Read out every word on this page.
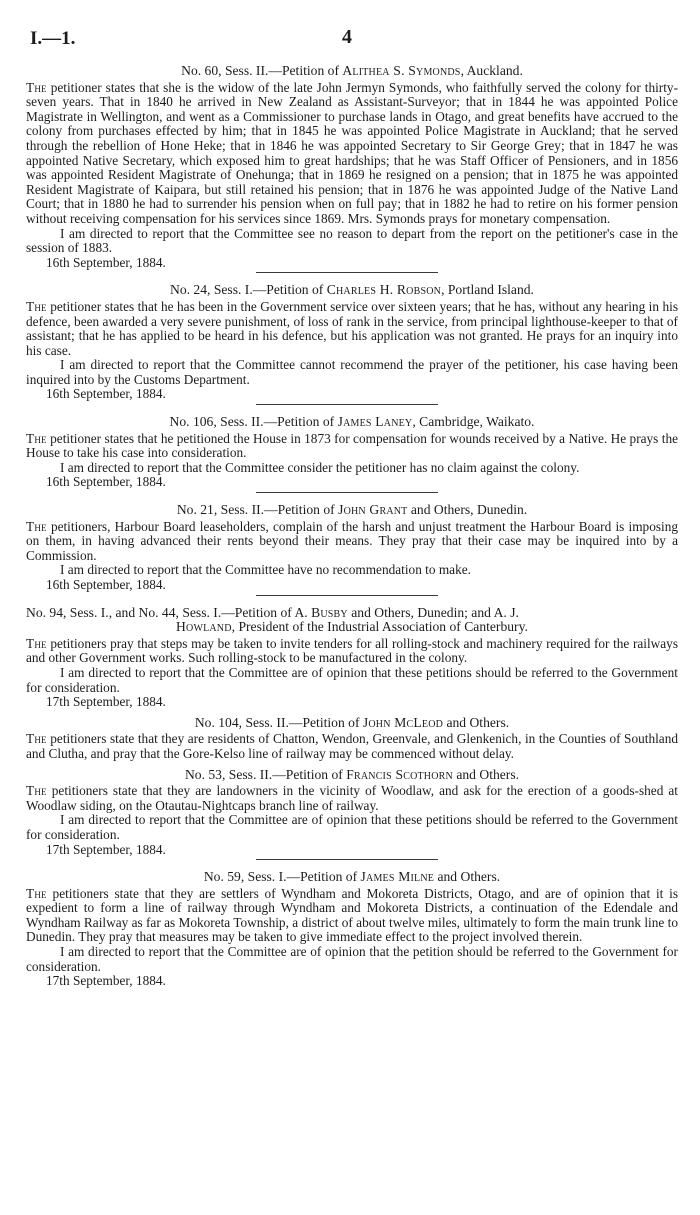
I.—1.	4
No. 60, Sess. II.—Petition of Alithea S. Symonds, Auckland.

The petitioner states that she is the widow of the late John Jermyn Symonds, who faithfully served the colony for thirty-seven years. That in 1840 he arrived in New Zealand as Assistant-Surveyor; that in 1844 he was appointed Police Magistrate in Wellington, and went as a Commissioner to purchase lands in Otago, and great benefits have accrued to the colony from purchases effected by him; that in 1845 he was appointed Police Magistrate in Auckland; that he served through the rebellion of Hone Heke; that in 1846 he was appointed Secretary to Sir George Grey; that in 1847 he was appointed Native Secretary, which exposed him to great hardships; that he was Staff Officer of Pensioners, and in 1856 was appointed Resident Magistrate of Onehunga; that in 1869 he resigned on a pension; that in 1875 he was appointed Resident Magistrate of Kaipara, but still retained his pension; that in 1876 he was appointed Judge of the Native Land Court; that in 1880 he had to surrender his pension when on full pay; that in 1882 he had to retire on his former pension without receiving compensation for his services since 1869. Mrs. Symonds prays for monetary compensation.

I am directed to report that the Committee see no reason to depart from the report on the petitioner's case in the session of 1883.

16th September, 1884.

No. 24, Sess. I.—Petition of Charles H. Robson, Portland Island.

The petitioner states that he has been in the Government service over sixteen years; that he has, without any hearing in his defence, been awarded a very severe punishment, of loss of rank in the service, from principal lighthouse-keeper to that of assistant; that he has applied to be heard in his defence, but his application was not granted. He prays for an inquiry into his case.

I am directed to report that the Committee cannot recommend the prayer of the petitioner, his case having been inquired into by the Customs Department.

16th September, 1884.

No. 106, Sess. II.—Petition of James Laney, Cambridge, Waikato.

The petitioner states that he petitioned the House in 1873 for compensation for wounds received by a Native. He prays the House to take his case into consideration.

I am directed to report that the Committee consider the petitioner has no claim against the colony.

16th September, 1884.

No. 21, Sess. II.—Petition of John Grant and Others, Dunedin.

The petitioners, Harbour Board leaseholders, complain of the harsh and unjust treatment the Harbour Board is imposing on them, in having advanced their rents beyond their means. They pray that their case may be inquired into by a Commission.

I am directed to report that the Committee have no recommendation to make.

16th September, 1884.

No. 94, Sess. I., and No. 44, Sess. I.—Petition of A. Busby and Others, Dunedin; and A. J.
Howland, President of the Industrial Association of Canterbury.

The petitioners pray that steps may be taken to invite tenders for all rolling-stock and machinery required for the railways and other Government works. Such rolling-stock to be manufactured in the colony.

I am directed to report that the Committee are of opinion that these petitions should be referred to the Government for consideration.

17th September, 1884.

No. 104, Sess. II.—Petition of John McLeod and Others.

The petitioners state that they are residents of Chatton, Wendon, Greenvale, and Glenkenich, in the Counties of Southland and Clutha, and pray that the Gore-Kelso line of railway may be commenced without delay.

No. 53, Sess. II.—Petition of Francis Scothorn and Others.

The petitioners state that they are landowners in the vicinity of Woodlaw, and ask for the erection of a goods-shed at Woodlaw siding, on the Otautau-Nightcaps branch line of railway.

I am directed to report that the Committee are of opinion that these petitions should be referred to the Government for consideration.

17th September, 1884.

No. 59, Sess. I.—Petition of James Milne and Others.

The petitioners state that they are settlers of Wyndham and Mokoreta Districts, Otago, and are of opinion that it is expedient to form a line of railway through Wyndham and Mokoreta Districts, a continuation of the Edendale and Wyndham Railway as far as Mokoreta Township, a district of about twelve miles, ultimately to form the main trunk line to Dunedin. They pray that measures may be taken to give immediate effect to the project involved therein.

I am directed to report that the Committee are of opinion that the petition should be referred to the Government for consideration.

17th September, 1884.
